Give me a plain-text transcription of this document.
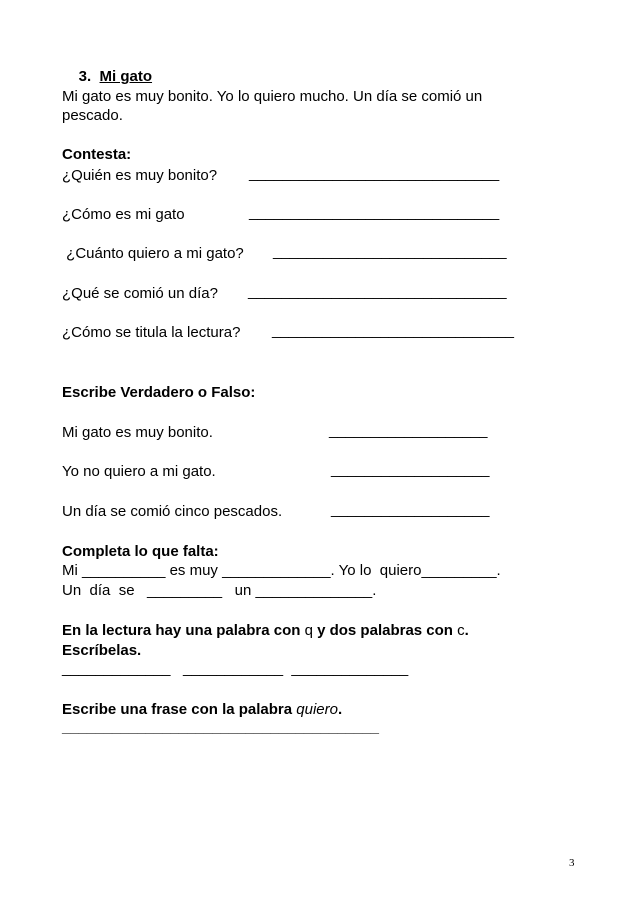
3. Mi gato

Mi gato es muy bonito. Yo lo quiero mucho. Un día se comió un
pescado.
Contesta:
¿Quién es muy bonito? ______________________________
¿Cómo es mi gato	______________________________
¿Cuánto quiero a mi gato? ____________________________
¿Qué se comió un día? _______________________________
¿Cómo se titula la lectura? _____________________________
Escribe Verdadero o Falso:
Mi gato es muy bonito.	___________________
Yo no quiero a mi gato.	___________________
Un día se comió cinco pescados.	___________________
Completa lo que falta:
Mi __________ es muy _____________. Yo lo  quiero_________.
Un  día  se   _________   un ______________.
En la lectura hay una palabra con q y dos palabras con c.
Escríbelas.
_____________   ____________  ______________
Escribe una frase con la palabra quiero.
______________________________________
3
